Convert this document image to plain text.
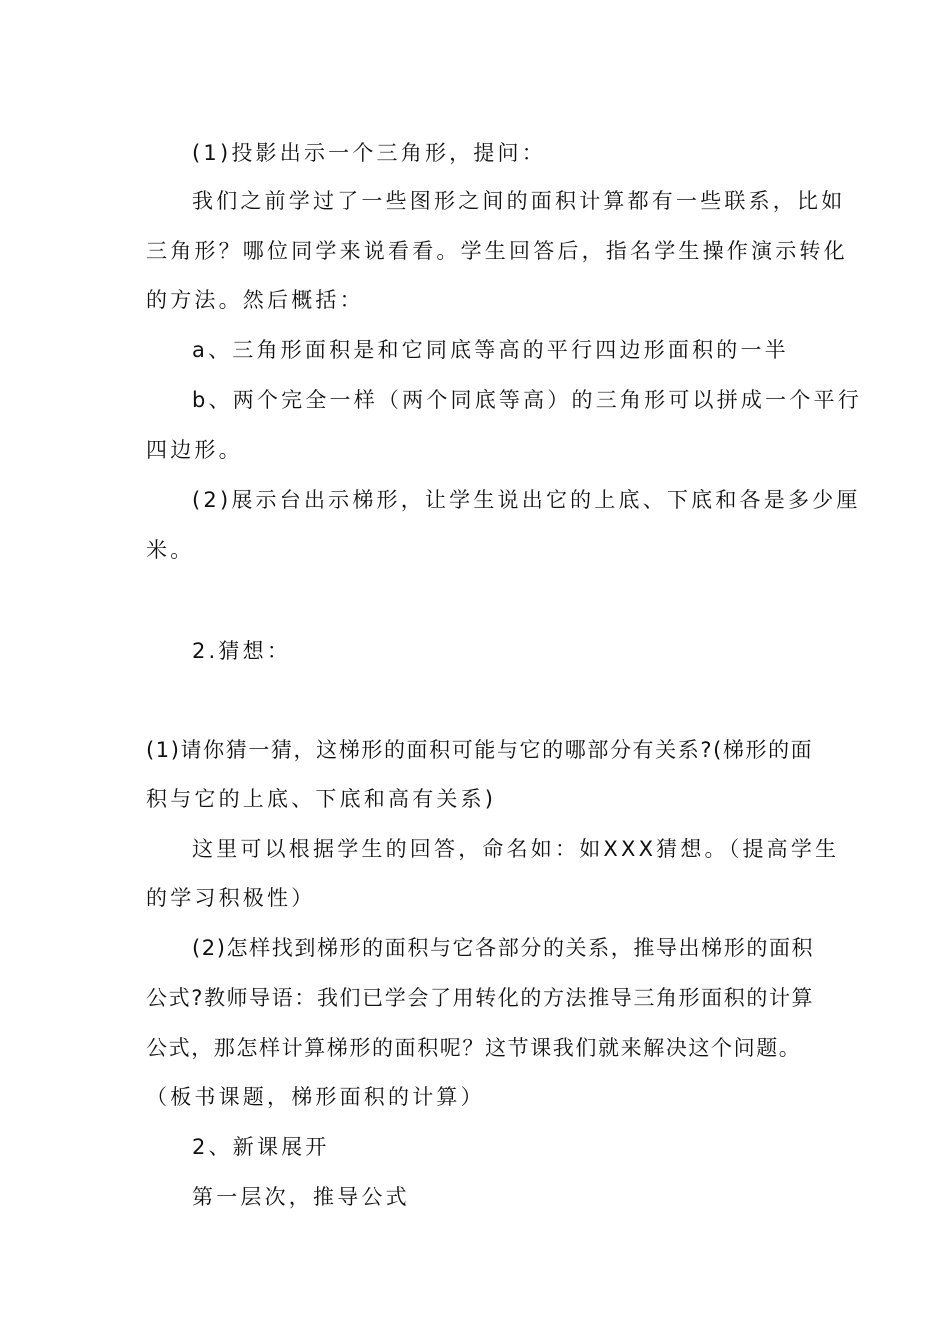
(1)投影出示一个三角形，提问：
我们之前学过了一些图形之间的面积计算都有一些联系，比如
三角形？哪位同学来说看看。学生回答后，指名学生操作演示转化
的方法。然后概括：
a、三角形面积是和它同底等高的平行四边形面积的一半
b、两个完全一样（两个同底等高）的三角形可以拼成一个平行
四边形。
(2)展示台出示梯形，让学生说出它的上底、下底和各是多少厘
米。
2.猜想：
(1)请你猜一猜，这梯形的面积可能与它的哪部分有关系?(梯形的面
积与它的上底、下底和高有关系)
这里可以根据学生的回答，命名如：如XXX猜想。（提高学生
的学习积极性）
(2)怎样找到梯形的面积与它各部分的关系，推导出梯形的面积
公式?教师导语：我们已学会了用转化的方法推导三角形面积的计算
公式，那怎样计算梯形的面积呢？这节课我们就来解决这个问题。
（板书课题，梯形面积的计算）
2、新课展开
第一层次，推导公式
